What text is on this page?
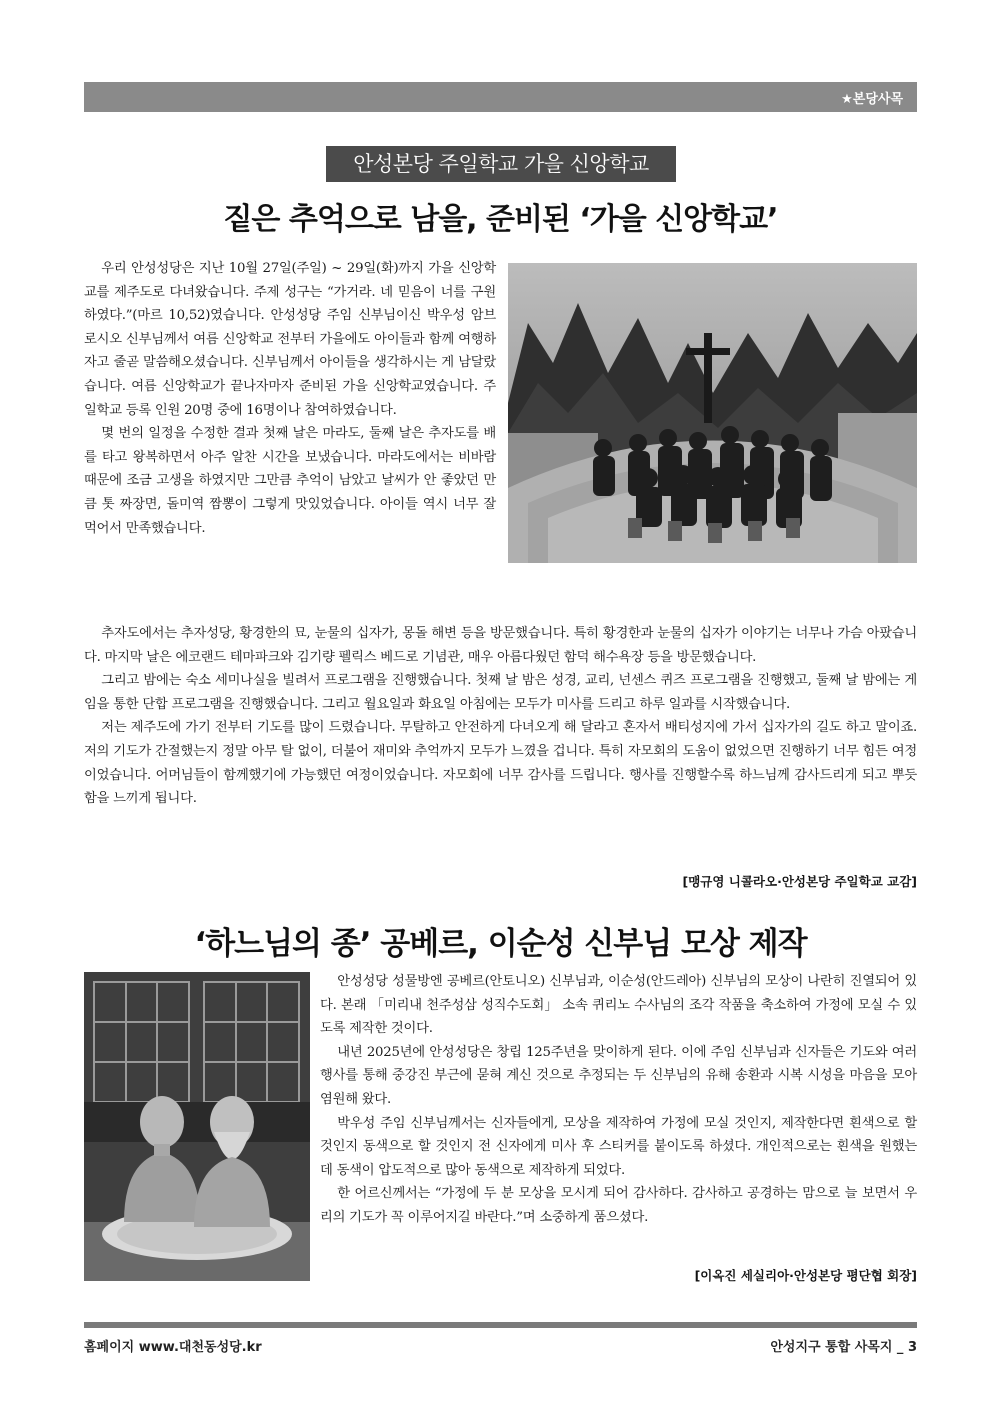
★본당사목
안성본당 주일학교 가을 신앙학교
짙은 추억으로 남을, 준비된 ‘가을 신앙학교’

우리 안성성당은 지난 10월 27일(주일) ~ 29일(화)까지 가을 신앙학교를 제주도로 다녀왔습니다. 주제 성구는 “가거라. 네 믿음이 너를 구원하였다.”(마르 10,52)였습니다. 안성성당 주임 신부님이신 박우성 암브로시오 신부님께서 여름 신앙학교 전부터 가을에도 아이들과 함께 여행하자고 줄곧 말씀해오셨습니다. 신부님께서 아이들을 생각하시는 게 남달랐습니다. 여름 신앙학교가 끝나자마자 준비된 가을 신앙학교였습니다. 주일학교 등록 인원 20명 중에 16명이나 참여하였습니다.

몇 번의 일정을 수정한 결과 첫째 날은 마라도, 둘째 날은 추자도를 배를 타고 왕복하면서 아주 알찬 시간을 보냈습니다. 마라도에서는 비바람 때문에 조금 고생을 하였지만 그만큼 추억이 남았고 날씨가 안 좋았던 만큼 톳 짜장면, 돌미역 짬뽕이 그렇게 맛있었습니다. 아이들 역시 너무 잘 먹어서 만족했습니다.

추자도에서는 추자성당, 황경한의 묘, 눈물의 십자가, 몽돌 해변 등을 방문했습니다. 특히 황경한과 눈물의 십자가 이야기는 너무나 가슴 아팠습니다. 마지막 날은 에코랜드 테마파크와 김기량 펠릭스 베드로 기념관, 매우 아름다웠던 함덕 해수욕장 등을 방문했습니다.

그리고 밤에는 숙소 세미나실을 빌려서 프로그램을 진행했습니다. 첫째 날 밤은 성경, 교리, 넌센스 퀴즈 프로그램을 진행했고, 둘째 날 밤에는 게임을 통한 단합 프로그램을 진행했습니다. 그리고 월요일과 화요일 아침에는 모두가 미사를 드리고 하루 일과를 시작했습니다.

저는 제주도에 가기 전부터 기도를 많이 드렸습니다. 무탈하고 안전하게 다녀오게 해 달라고 혼자서 배티성지에 가서 십자가의 길도 하고 말이죠. 저의 기도가 간절했는지 정말 아무 탈 없이, 더불어 재미와 추억까지 모두가 느꼈을 겁니다. 특히 자모회의 도움이 없었으면 진행하기 너무 힘든 여정이었습니다. 어머님들이 함께했기에 가능했던 여정이었습니다. 자모회에 너무 감사를 드립니다. 행사를 진행할수록 하느님께 감사드리게 되고 뿌듯함을 느끼게 됩니다.

[맹규영 니콜라오·안성본당 주일학교 교감]
‘하느님의 종’ 공베르, 이순성 신부님 모상 제작

안성성당 성물방엔 공베르(안토니오) 신부님과, 이순성(안드레아) 신부님의 모상이 나란히 진열되어 있다. 본래 「미리내 천주성삼 성직수도회」 소속 퀴리노 수사님의 조각 작품을 축소하여 가정에 모실 수 있도록 제작한 것이다.

내년 2025년에 안성성당은 창립 125주년을 맞이하게 된다. 이에 주임 신부님과 신자들은 기도와 여러 행사를 통해 중강진 부근에 묻혀 계신 것으로 추정되는 두 신부님의 유해 송환과 시복 시성을 마음을 모아 염원해 왔다.

박우성 주임 신부님께서는 신자들에게, 모상을 제작하여 가정에 모실 것인지, 제작한다면 흰색으로 할 것인지 동색으로 할 것인지 전 신자에게 미사 후 스티커를 붙이도록 하셨다. 개인적으로는 흰색을 원했는데 동색이 압도적으로 많아 동색으로 제작하게 되었다.

한 어르신께서는 “가정에 두 분 모상을 모시게 되어 감사하다. 감사하고 공경하는 맘으로 늘 보면서 우리의 기도가 꼭 이루어지길 바란다.”며 소중하게 품으셨다.

[이옥진 세실리아·안성본당 평단협 회장]
홈페이지 www.대천동성당.kr	안성지구 통합 사목지 _ 3
